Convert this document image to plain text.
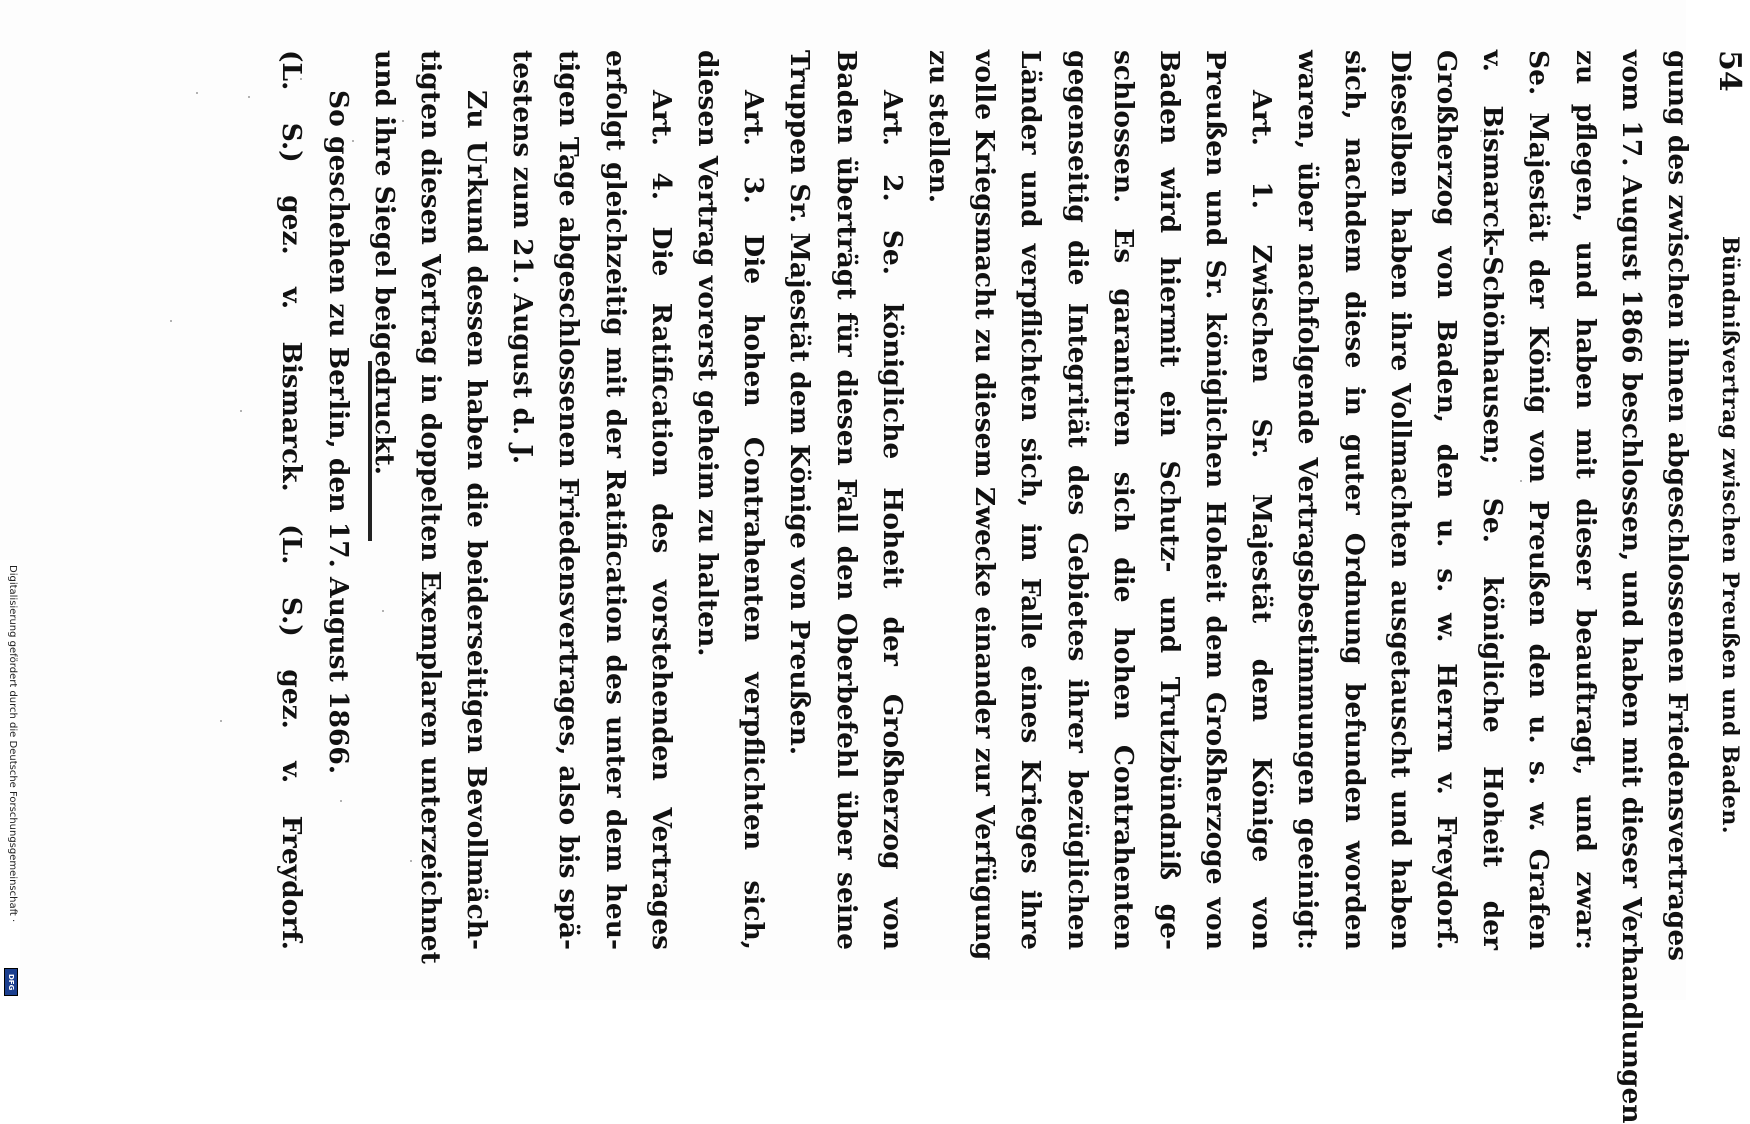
54
Bündnißvertrag zwischen Preußen und Baden.
gung des zwischen ihnen abgeschlossenen Friedensvertrages
vom 17. August 1866 beschlossen, und haben mit dieser Verhandlungen
zu pflegen, und haben mit dieser beauftragt, und zwar:
Se. Majestät der König von Preußen den u. s. w. Grafen
v. Bismarck-Schönhausen; Se. königliche Hoheit der
Großherzog von Baden, den u. s. w. Herrn v. Freydorf.
Dieselben haben ihre Vollmachten ausgetauscht und haben
sich, nachdem diese in guter Ordnung befunden worden
waren, über nachfolgende Vertragsbestimmungen geeinigt:
Art. 1. Zwischen Sr. Majestät dem Könige von
Preußen und Sr. königlichen Hoheit dem Großherzoge von
Baden wird hiermit ein Schutz- und Trutzbündniß ge-
schlossen. Es garantiren sich die hohen Contrahenten
gegenseitig die Integrität des Gebietes ihrer bezüglichen
Länder und verpflichten sich, im Falle eines Krieges ihre
volle Kriegsmacht zu diesem Zwecke einander zur Verfügung
zu stellen.
Art. 2. Se. königliche Hoheit der Großherzog von
Baden überträgt für diesen Fall den Oberbefehl über seine
Truppen Sr. Majestät dem Könige von Preußen.
Art. 3. Die hohen Contrahenten verpflichten sich,
diesen Vertrag vorerst geheim zu halten.
Art. 4. Die Ratification des vorstehenden Vertrages
erfolgt gleichzeitig mit der Ratification des unter dem heu-
tigen Tage abgeschlossenen Friedensvertrages, also bis spä-
testens zum 21. August d. J.
Zu Urkund dessen haben die beiderseitigen Bevollmäch-
tigten diesen Vertrag in doppelten Exemplaren unterzeichnet
und ihre Siegel beigedruckt.
So geschehen zu Berlin, den 17. August 1866.
(L. S.) gez. v. Bismarck. (L. S.) gez. v. Freydorf.
Digitalisierung gefördert durch die Deutsche Forschungsgemeinschaft ·
DFG
